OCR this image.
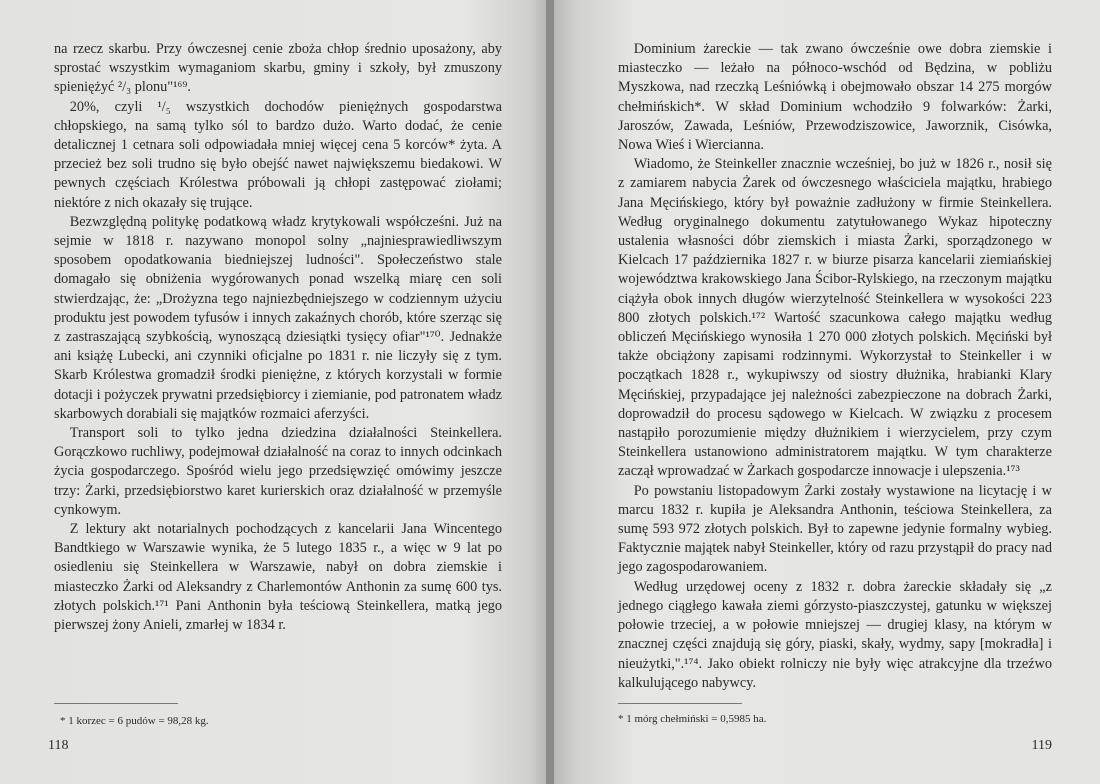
na rzecz skarbu. Przy ówczesnej cenie zboża chłop średnio uposażony, aby sprostać wszystkim wymaganiom skarbu, gminy i szkoły, był zmuszony spieniężyć ²/₃ plonu"¹⁶⁹.

20%, czyli ¹/₅ wszystkich dochodów pieniężnych gospodarstwa chłopskiego, na samą tylko sól to bardzo dużo. Warto dodać, że cenie detalicznej 1 cetnara soli odpowiadała mniej więcej cena 5 korców* żyta. A przecież bez soli trudno się było obejść nawet największemu biedakowi. W pewnych częściach Królestwa próbowali ją chłopi zastępować ziołami; niektóre z nich okazały się trujące.

Bezwzględną politykę podatkową władz krytykowali współcześni. Już na sejmie w 1818 r. nazywano monopol solny „najniesprawiedliwszym sposobem opodatkowania biedniejszej ludności". Społeczeństwo stale domagało się obniżenia wygórowanych ponad wszelką miarę cen soli stwierdzając, że: „Drożyzna tego najniezbędniejszego w codziennym użyciu produktu jest powodem tyfusów i innych zakaźnych chorób, które szerząc się z zastraszającą szybkością, wynoszącą dziesiątki tysięcy ofiar"¹⁷⁰. Jednakże ani książę Lubecki, ani czynniki oficjalne po 1831 r. nie liczyły się z tym. Skarb Królestwa gromadził środki pieniężne, z których korzystali w formie dotacji i pożyczek prywatni przedsiębiorcy i ziemianie, pod patronatem władz skarbowych dorabiali się majątków rozmaici aferzyści.

Transport soli to tylko jedna dziedzina działalności Steinkellera. Gorączkowo ruchliwy, podejmował działalność na coraz to innych odcinkach życia gospodarczego. Spośród wielu jego przedsięwzięć omówimy jeszcze trzy: Żarki, przedsiębiorstwo karet kurierskich oraz działalność w przemyśle cynkowym.

Z lektury akt notarialnych pochodzących z kancelarii Jana Wincentego Bandtkiego w Warszawie wynika, że 5 lutego 1835 r., a więc w 9 lat po osiedleniu się Steinkellera w Warszawie, nabył on dobra ziemskie i miasteczko Żarki od Aleksandry z Charlemontów Anthonin za sumę 600 tys. złotych polskich.¹⁷¹ Pani Anthonin była teściową Steinkellera, matką jego pierwszej żony Anieli, zmarłej w 1834 r.

* 1 korzec = 6 pudów = 98,28 kg.
118

Dominium żareckie — tak zwano ówcześnie owe dobra ziemskie i miasteczko — leżało na północo-wschód od Będzina, w pobliżu Myszkowa, nad rzeczką Leśniówką i obejmowało obszar 14 275 morgów chełmińskich*. W skład Dominium wchodziło 9 folwarków: Żarki, Jaroszów, Zawada, Leśniów, Przewodziszowice, Jaworznik, Cisówka, Nowa Wieś i Wiercianna.

Wiadomo, że Steinkeller znacznie wcześniej, bo już w 1826 r., nosił się z zamiarem nabycia Żarek od ówczesnego właściciela majątku, hrabiego Jana Męcińskiego, który był poważnie zadłużony w firmie Steinkellera. Według oryginalnego dokumentu zatytułowanego Wykaz hipoteczny ustalenia własności dóbr ziemskich i miasta Żarki, sporządzonego w Kielcach 17 października 1827 r. w biurze pisarza kancelarii ziemiańskiej województwa krakowskiego Jana Ścibor-Rylskiego, na rzeczonym majątku ciążyła obok innych długów wierzytelność Steinkellera w wysokości 223 800 złotych polskich.¹⁷² Wartość szacunkowa całego majątku według obliczeń Męcińskiego wynosiła 1 270 000 złotych polskich. Męciński był także obciążony zapisami rodzinnymi. Wykorzystał to Steinkeller i w początkach 1828 r., wykupiwszy od siostry dłużnika, hrabianki Klary Męcińskiej, przypadające jej należności zabezpieczone na dobrach Żarki, doprowadził do procesu sądowego w Kielcach. W związku z procesem nastąpiło porozumienie między dłużnikiem i wierzycielem, przy czym Steinkellera ustanowiono administratorem majątku. W tym charakterze zaczął wprowadzać w Żarkach gospodarcze innowacje i ulepszenia.¹⁷³

Po powstaniu listopadowym Żarki zostały wystawione na licytację i w marcu 1832 r. kupiła je Aleksandra Anthonin, teściowa Steinkellera, za sumę 593 972 złotych polskich. Był to zapewne jedynie formalny wybieg. Faktycznie majątek nabył Steinkeller, który od razu przystąpił do pracy nad jego zagospodarowaniem.

Według urzędowej oceny z 1832 r. dobra żareckie składały się „z jednego ciągłego kawała ziemi górzysto-piaszczystej, gatunku w większej połowie trzeciej, a w połowie mniejszej — drugiej klasy, na którym w znacznej części znajdują się góry, piaski, skały, wydmy, sapy [mokradła] i nieużytki,".¹⁷⁴. Jako obiekt rolniczy nie były więc atrakcyjne dla trzeźwo kalkulującego nabywcy.

* 1 mórg chełmiński = 0,5985 ha.
119
